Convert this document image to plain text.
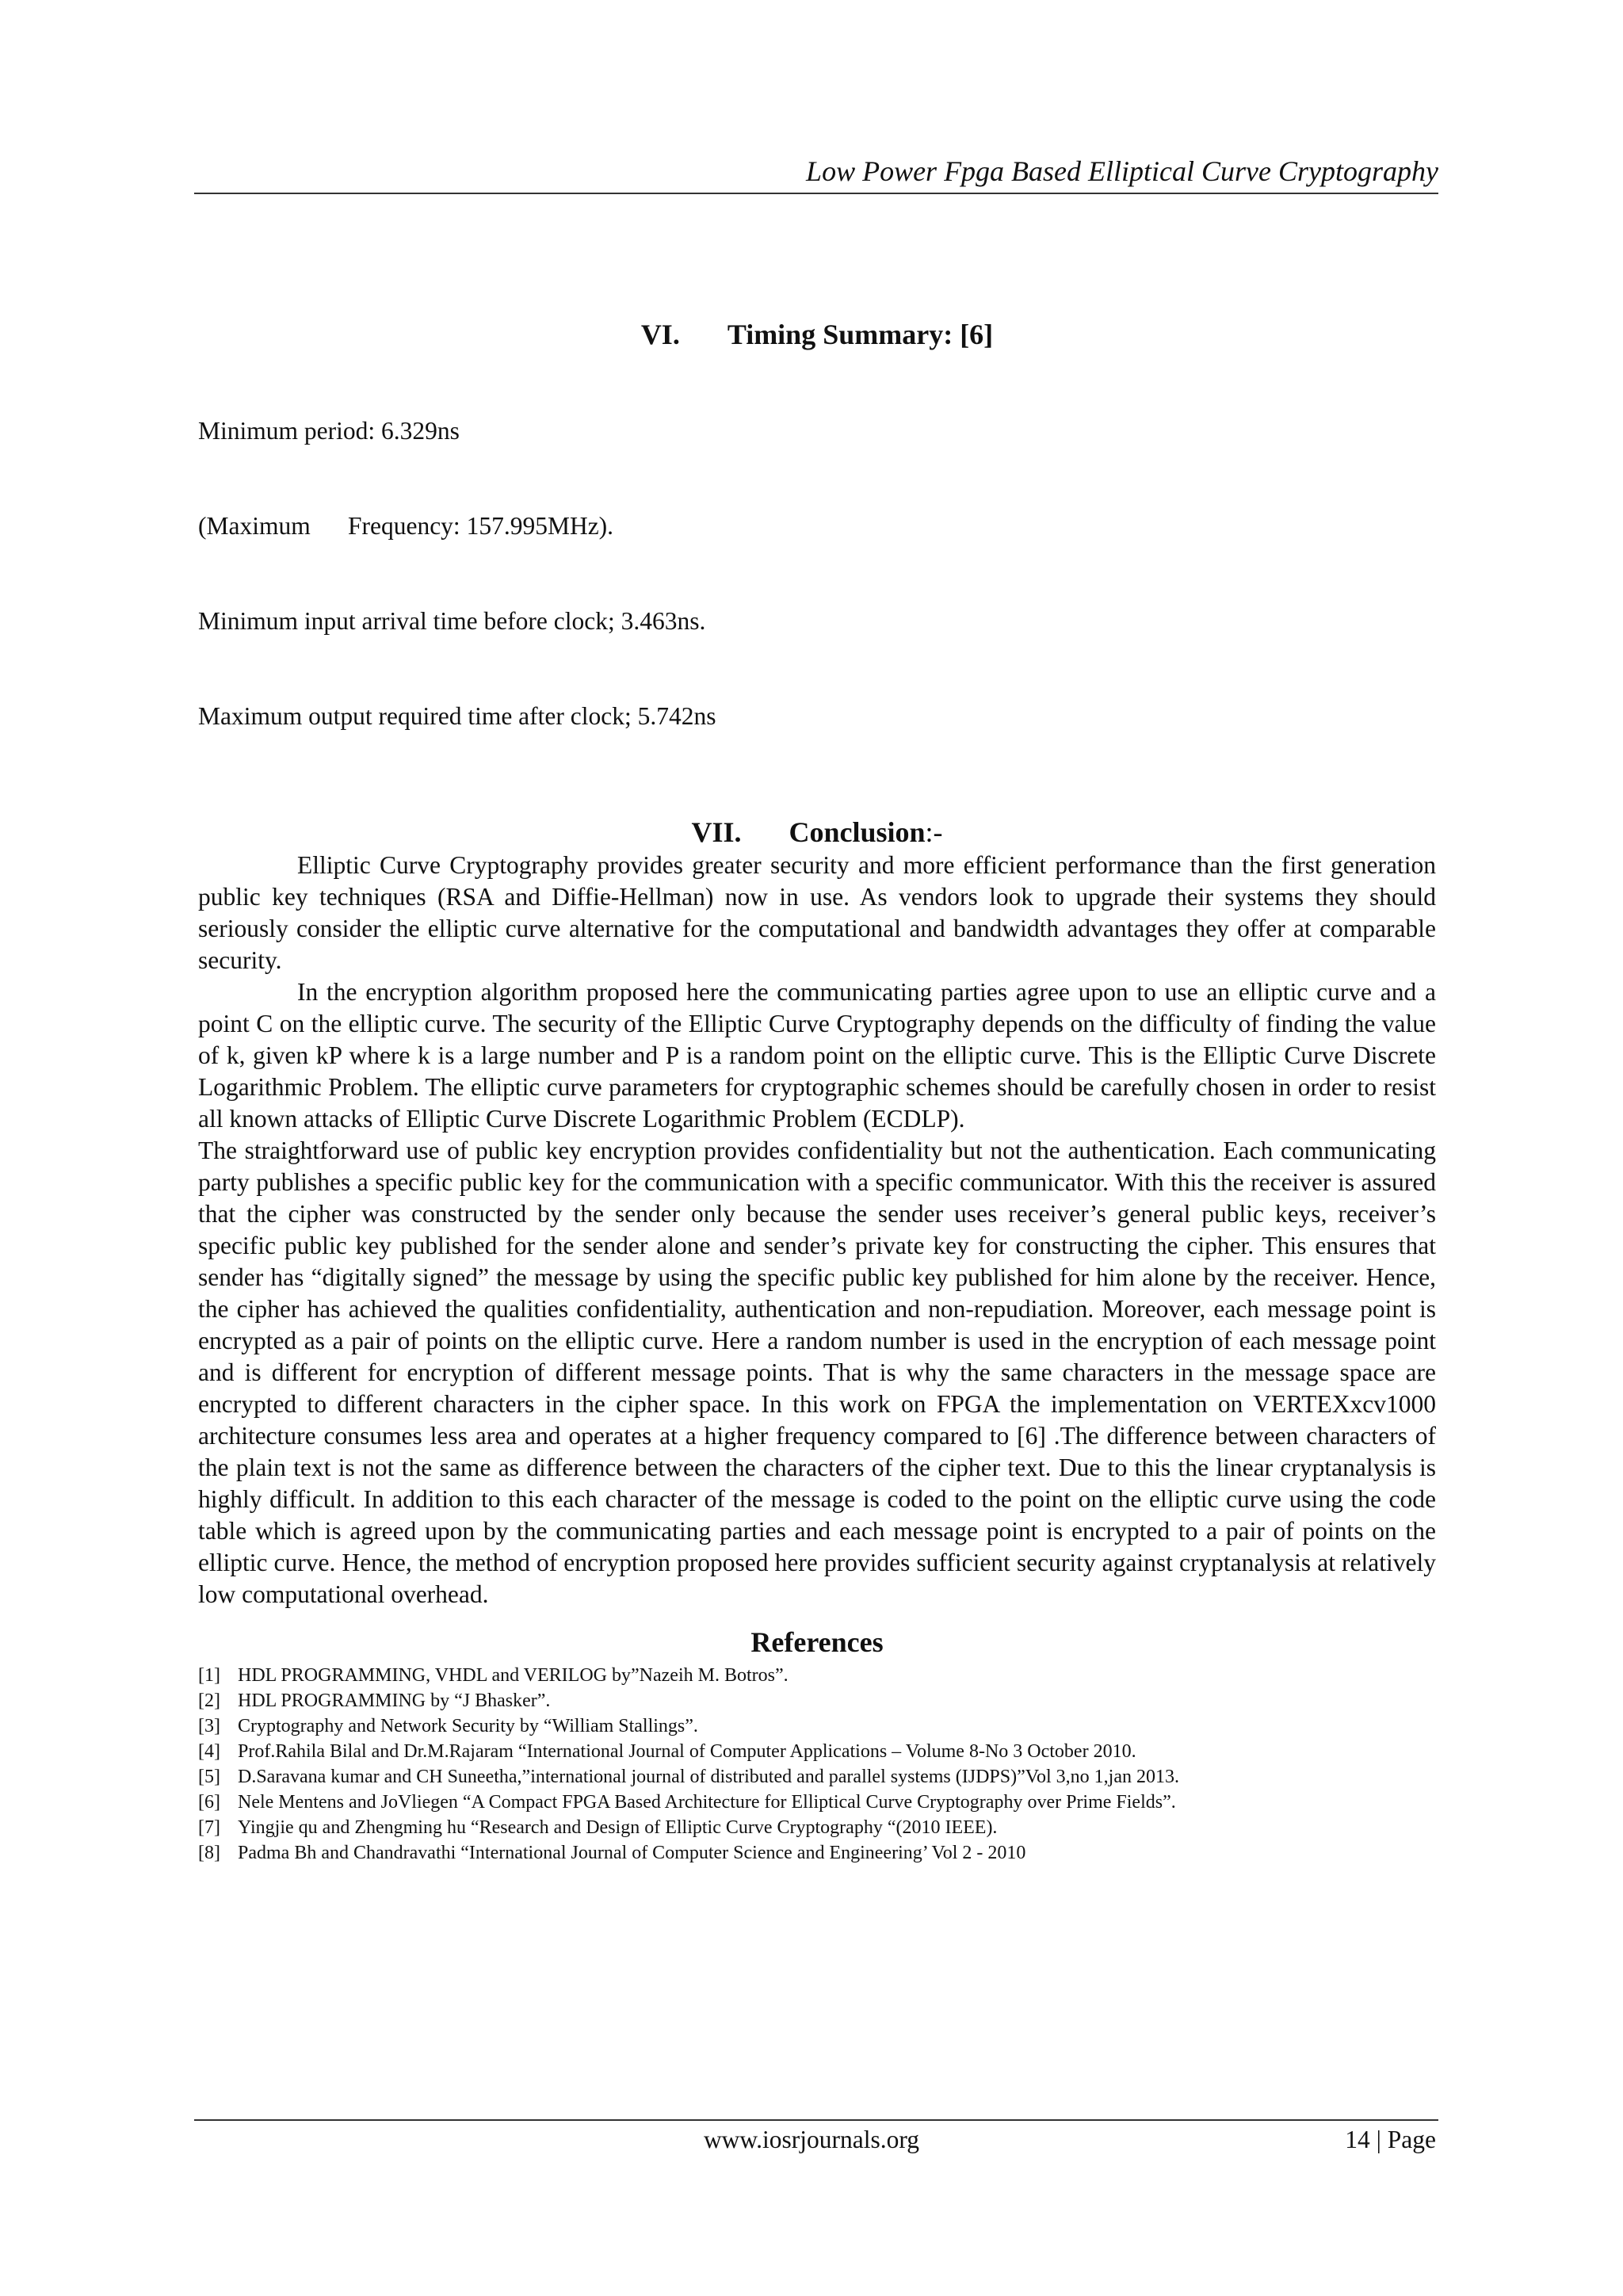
Low Power Fpga Based Elliptical Curve Cryptography
VI. Timing Summary: [6]

Minimum period: 6.329ns

(Maximum      Frequency: 157.995MHz).

Minimum input arrival time before clock; 3.463ns.

Maximum output required time after clock; 5.742ns

VII. Conclusion:-

Elliptic Curve Cryptography provides greater security and more efficient performance than the first generation public key techniques (RSA and Diffie-Hellman) now in use. As vendors look to upgrade their systems they should seriously consider the elliptic curve alternative for the computational and bandwidth advantages they offer at comparable security.

In the encryption algorithm proposed here the communicating parties agree upon to use an elliptic curve and a point C on the elliptic curve. The security of the Elliptic Curve Cryptography depends on the difficulty of finding the value of k, given kP where k is a large number and P is a random point on the elliptic curve. This is the Elliptic Curve Discrete Logarithmic Problem. The elliptic curve parameters for cryptographic schemes should be carefully chosen in order to resist all known attacks of Elliptic Curve Discrete Logarithmic Problem (ECDLP).

The straightforward use of public key encryption provides confidentiality but not the authentication. Each communicating party publishes a specific public key for the communication with a specific communicator. With this the receiver is assured that the cipher was constructed by the sender only because the sender uses receiver’s general public keys, receiver’s specific public key published for the sender alone and sender’s private key for constructing the cipher. This ensures that sender has “digitally signed” the message by using the specific public key published for him alone by the receiver. Hence, the cipher has achieved the qualities confidentiality, authentication and non-repudiation. Moreover, each message point is encrypted as a pair of points on the elliptic curve. Here a random number is used in the encryption of each message point and is different for encryption of different message points. That is why the same characters in the message space are encrypted to different characters in the cipher space. In this work on FPGA the implementation on VERTEXxcv1000 architecture consumes less area and operates at a higher frequency compared to [6] .The difference between characters of the plain text is not the same as difference between the characters of the cipher text. Due to this the linear cryptanalysis is highly difficult. In addition to this each character of the message is coded to the point on the elliptic curve using the code table which is agreed upon by the communicating parties and each message point is encrypted to a pair of points on the elliptic curve. Hence, the method of encryption proposed here provides sufficient security against cryptanalysis at relatively low computational overhead.

References
[1] HDL PROGRAMMING, VHDL and VERILOG by”Nazeih M. Botros”.
[2] HDL PROGRAMMING by “J Bhasker”.
[3] Cryptography and Network Security by “William Stallings”.
[4] Prof.Rahila Bilal and Dr.M.Rajaram “International Journal of Computer Applications – Volume 8-No 3 October 2010.
[5] D.Saravana kumar and CH Suneetha,”international journal of distributed and parallel systems (IJDPS)”Vol 3,no 1,jan 2013.
[6] Nele Mentens and JoVliegen “A Compact FPGA Based Architecture for Elliptical Curve Cryptography over Prime Fields”.
[7] Yingjie qu and Zhengming hu “Research and Design of Elliptic Curve Cryptography “(2010 IEEE).
[8] Padma Bh and Chandravathi “International Journal of Computer Science and Engineering’ Vol 2 - 2010
www.iosrjournals.org	14 | Page
